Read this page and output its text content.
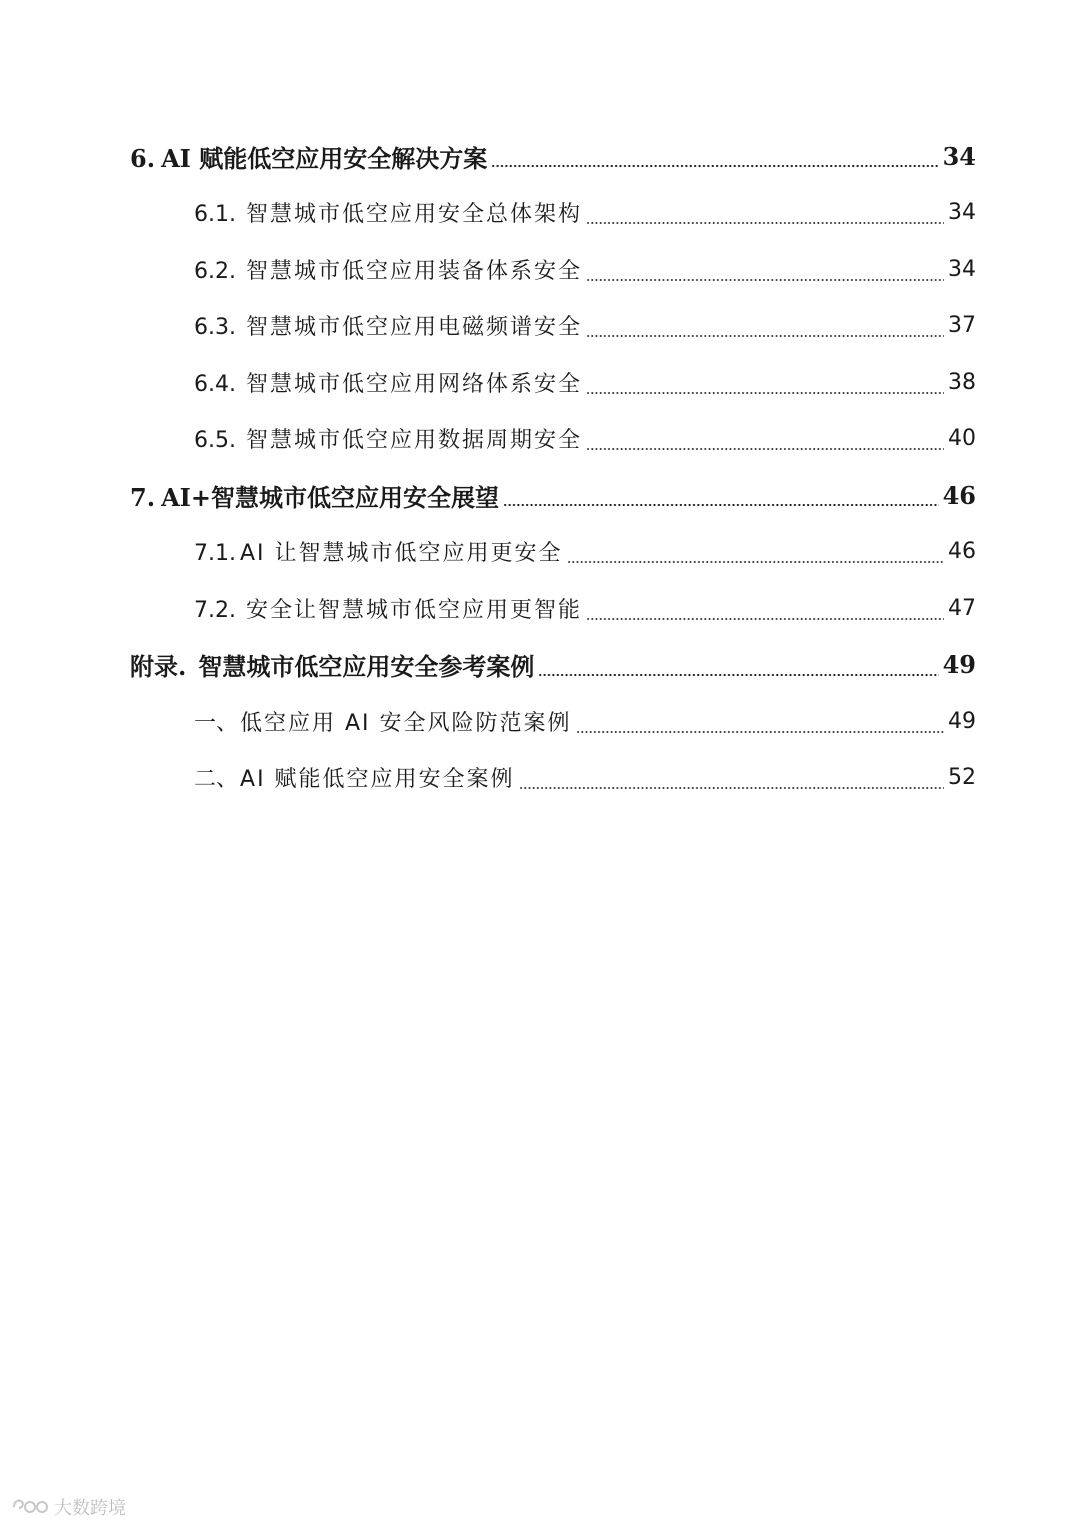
6. AI 赋能低空应用安全解决方案	34
6.1. 智慧城市低空应用安全总体架构	34
6.2. 智慧城市低空应用装备体系安全	34
6.3. 智慧城市低空应用电磁频谱安全	37
6.4. 智慧城市低空应用网络体系安全	38
6.5. 智慧城市低空应用数据周期安全	40
7. AI+智慧城市低空应用安全展望	46
7.1. AI 让智慧城市低空应用更安全	46
7.2. 安全让智慧城市低空应用更智能	47
附录. 智慧城市低空应用安全参考案例	49
一、低空应用 AI 安全风险防范案例	49
二、AI 赋能低空应用安全案例	52
大数跨境
